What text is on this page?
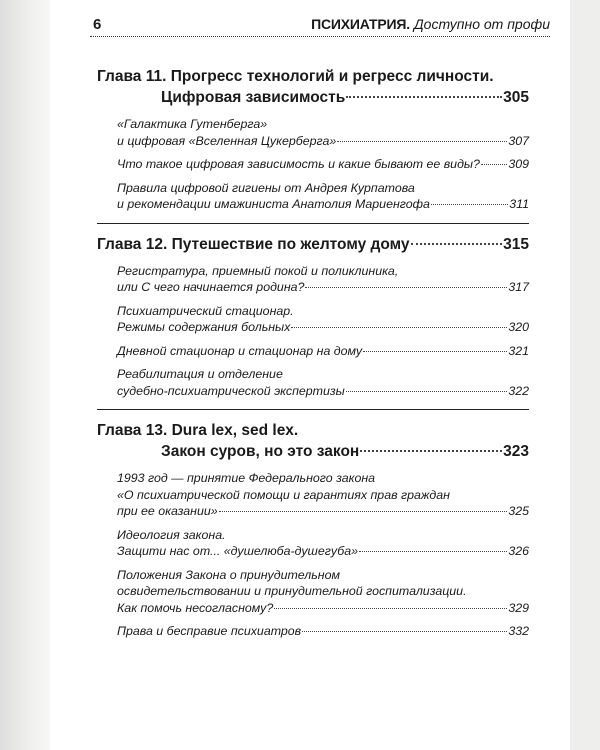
6	ПСИХИАТРИЯ. Доступно от профи
Глава 11. Прогресс технологий и регресс личности.
Цифровая зависимость	305
«Галактика Гутенберга»
и цифровая «Вселенная Цукерберга»	307
Что такое цифровая зависимость и какие бывают ее виды? 309
Правила цифровой гигиены от Андрея Курпатова
и рекомендации имажиниста Анатолия Мариенгофа	311
Глава 12. Путешествие по желтому дому	315
Регистратура, приемный покой и поликлиника,
или С чего начинается родина?	317
Психиатрический стационар.
Режимы содержания больных	320
Дневной стационар и стационар на дому	321
Реабилитация и отделение
судебно-психиатрической экспертизы	322
Глава 13. Dura lex, sed lex.
Закон суров, но это закон	323
1993 год — принятие Федерального закона
«О психиатрической помощи и гарантиях прав граждан
при ее оказании»	325
Идеология закона.
Защити нас от... «душелюба-душегуба»	326
Положения Закона о принудительном
освидетельствовании и принудительной госпитализации.
Как помочь несогласному?	329
Права и бесправие психиатров	332
